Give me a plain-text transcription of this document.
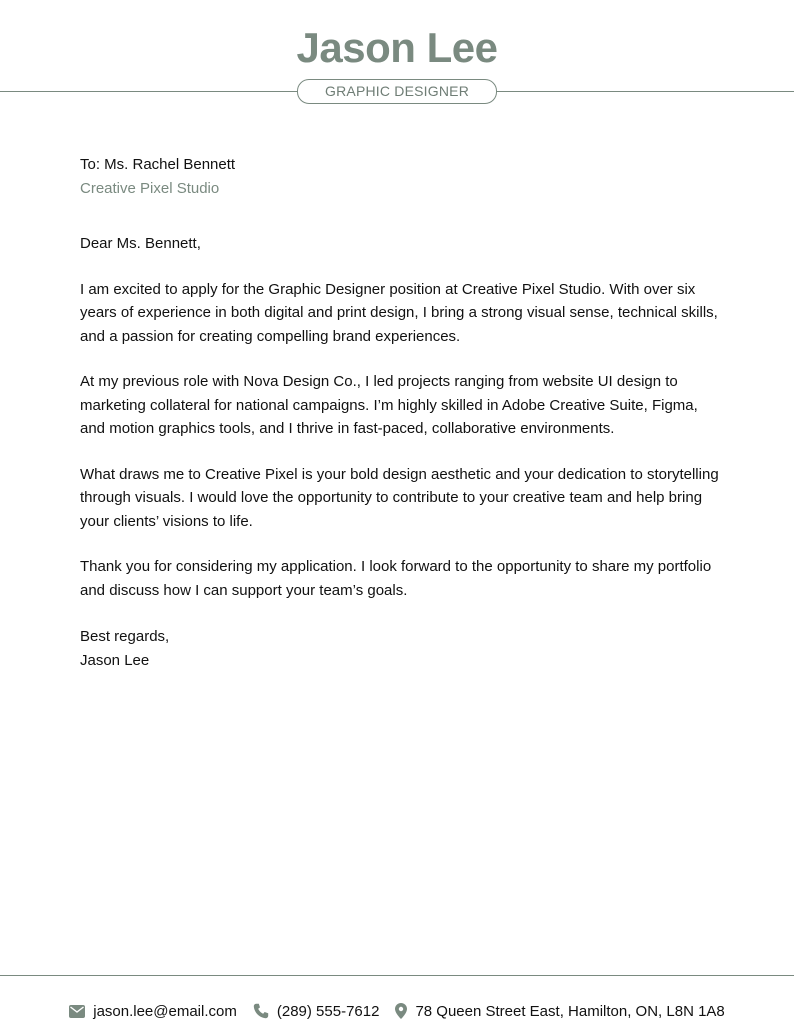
Jason Lee
GRAPHIC DESIGNER

To: Ms. Rachel Bennett

Creative Pixel Studio

Dear Ms. Bennett,

I am excited to apply for the Graphic Designer position at Creative Pixel Studio. With over six years of experience in both digital and print design, I bring a strong visual sense, technical skills, and a passion for creating compelling brand experiences.

At my previous role with Nova Design Co., I led projects ranging from website UI design to marketing collateral for national campaigns. I’m highly skilled in Adobe Creative Suite, Figma, and motion graphics tools, and I thrive in fast-paced, collaborative environments.

What draws me to Creative Pixel is your bold design aesthetic and your dedication to storytelling through visuals. I would love the opportunity to contribute to your creative team and help bring your clients’ visions to life.

Thank you for considering my application. I look forward to the opportunity to share my portfolio and discuss how I can support your team’s goals.

Best regards,

Jason Lee

jason.lee@email.com	(289) 555-7612 78 Queen Street East, Hamilton, ON, L8N 1A8
